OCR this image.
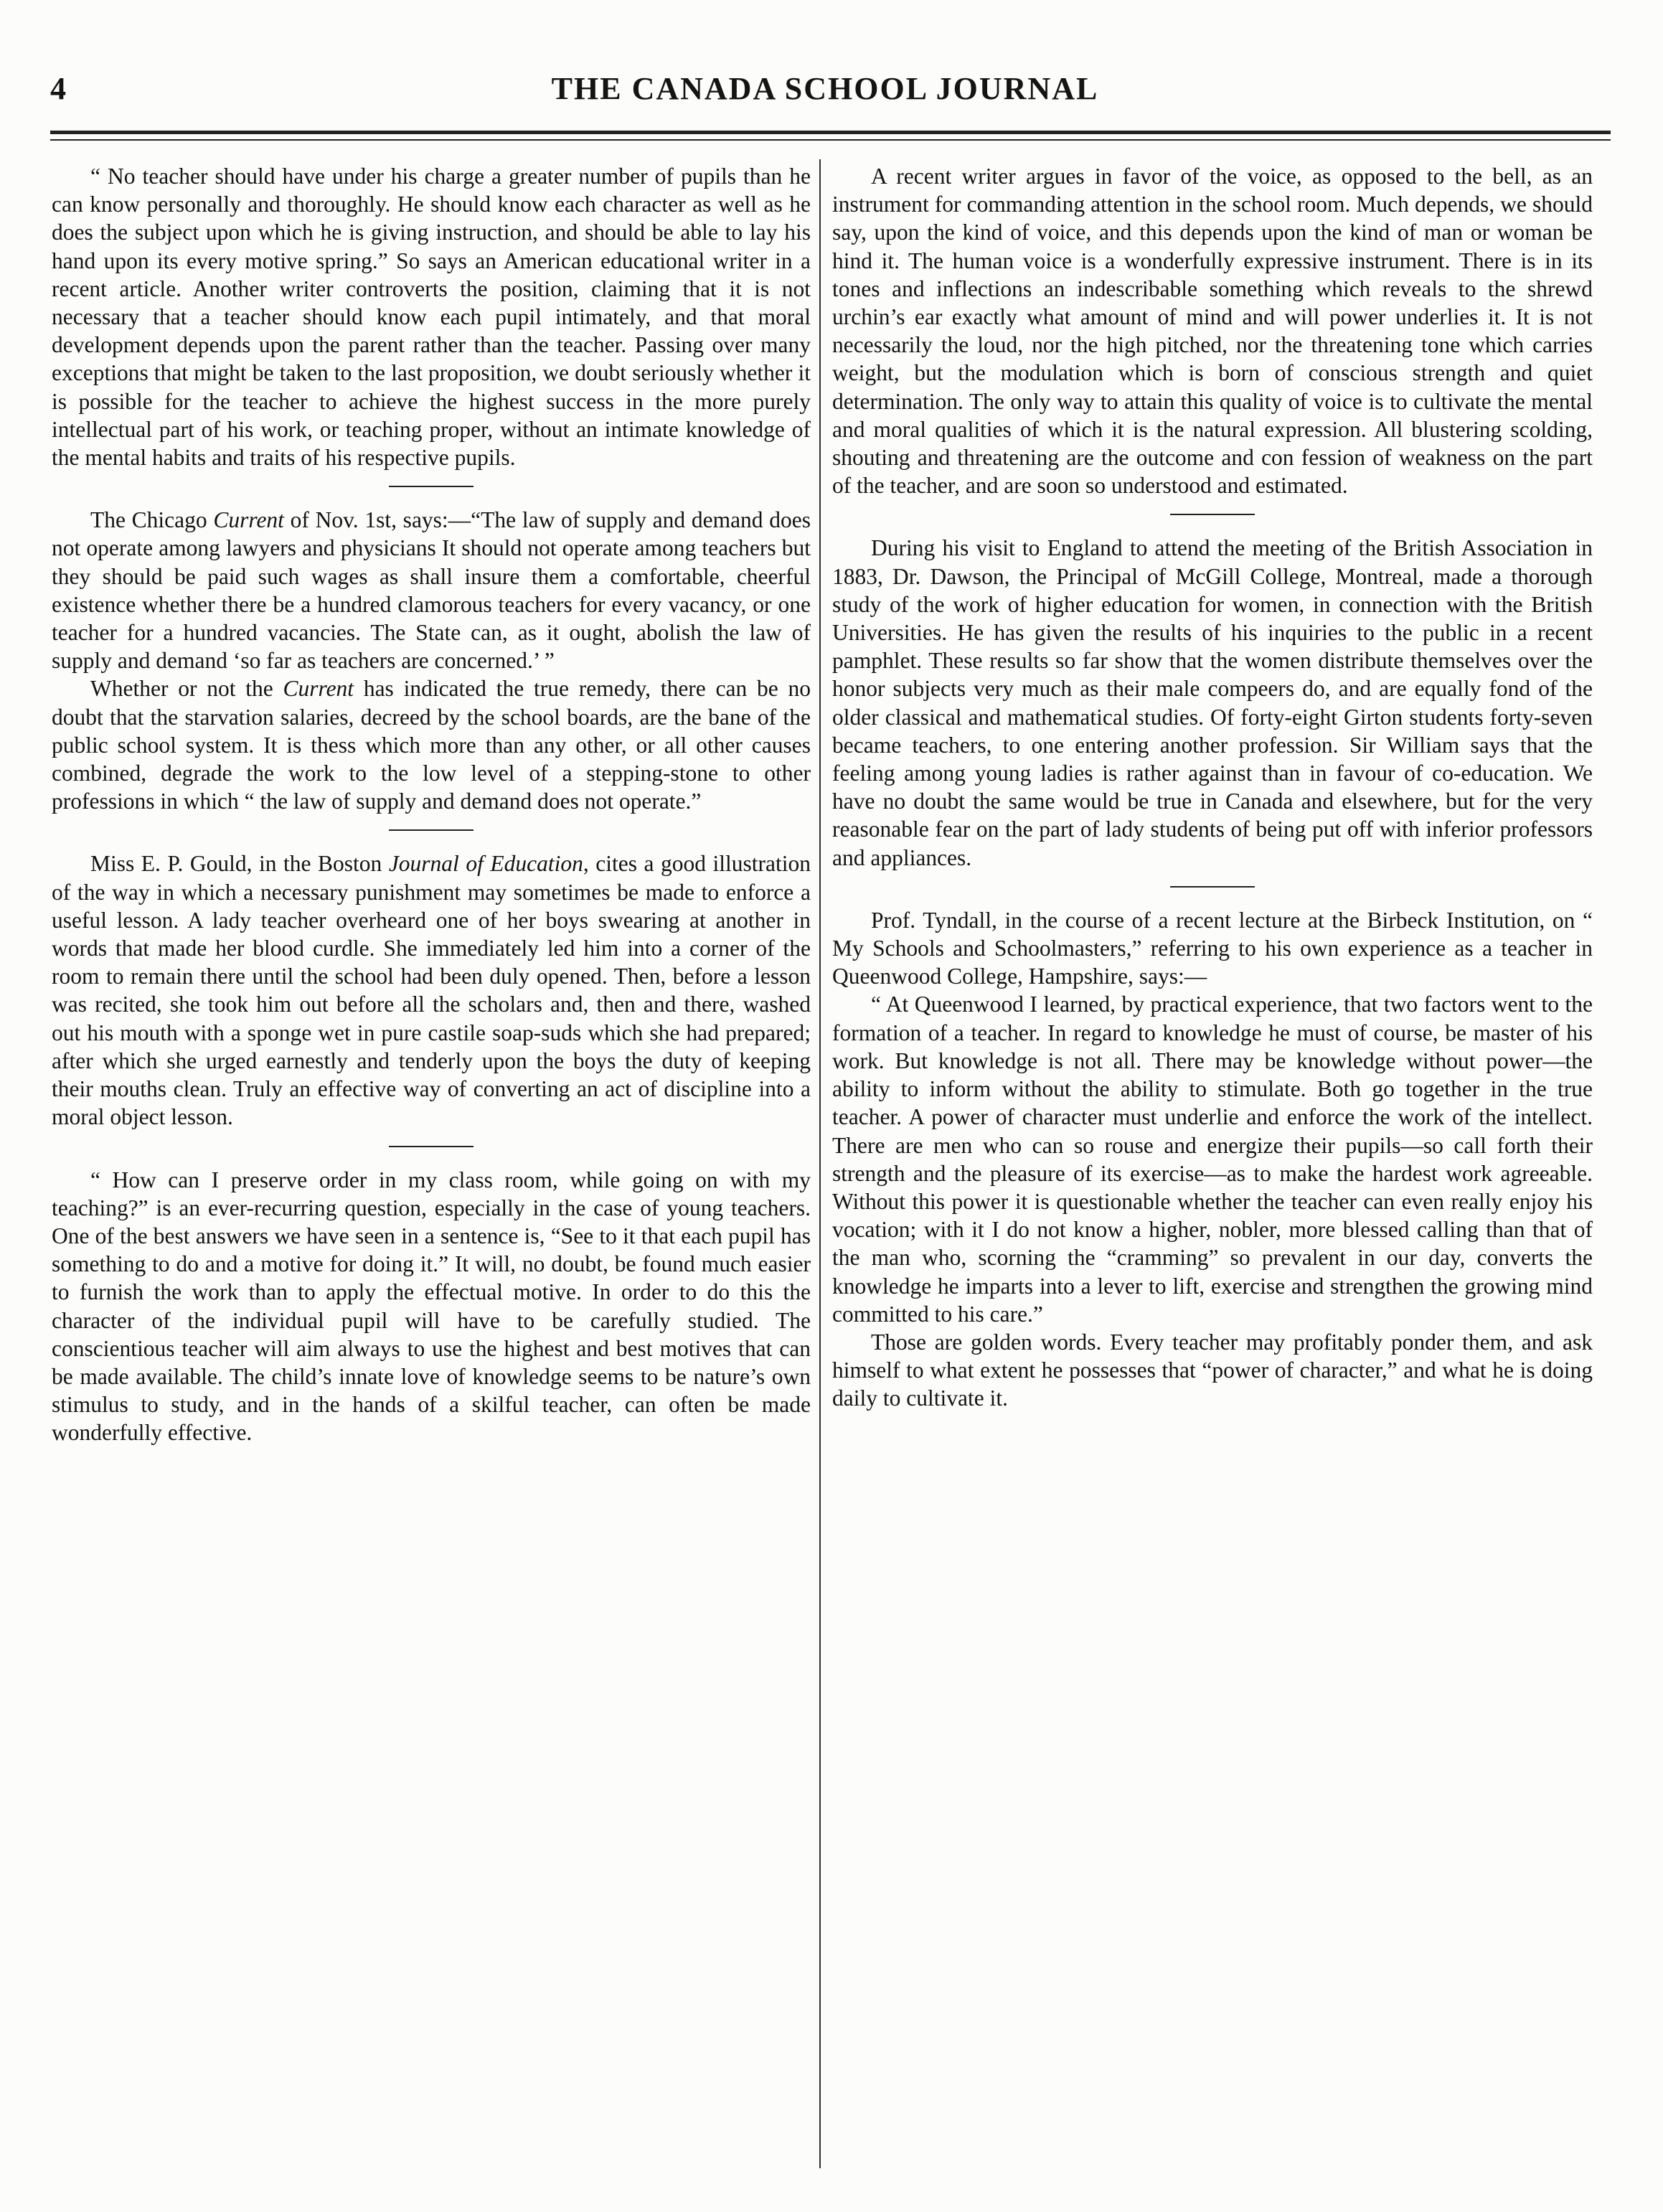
4	THE CANADA SCHOOL JOURNAL

“ No teacher should have under his charge a greater number of pupils than he can know personally and thoroughly. He should know each character as well as he does the subject upon which he is giving instruction, and should be able to lay his hand upon its every motive spring.” So says an American educational writer in a recent article. Another writer controverts the position, claiming that it is not necessary that a teacher should know each pupil intimately, and that moral development depends upon the parent rather than the teacher. Passing over many exceptions that might be taken to the last proposition, we doubt seriously whether it is possible for the teacher to achieve the highest success in the more purely intellectual part of his work, or teaching proper, without an intimate knowledge of the mental habits and traits of his respective pupils.

The Chicago Current of Nov. 1st, says:—“The law of supply and demand does not operate among lawyers and physicians It should not operate among teachers but they should be paid such wages as shall insure them a comfortable, cheerful existence whether there be a hundred clamorous teachers for every vacancy, or one teacher for a hundred vacancies. The State can, as it ought, abolish the law of supply and demand ‘so far as teachers are concerned.’ ”

Whether or not the Current has indicated the true remedy, there can be no doubt that the starvation salaries, decreed by the school boards, are the bane of the public school system. It is thess which more than any other, or all other causes combined, degrade the work to the low level of a stepping-stone to other professions in which “ the law of supply and demand does not operate.”

Miss E. P. Gould, in the Boston Journal of Education, cites a good illustration of the way in which a necessary punishment may sometimes be made to enforce a useful lesson. A lady teacher overheard one of her boys swearing at another in words that made her blood curdle. She immediately led him into a corner of the room to remain there until the school had been duly opened. Then, before a lesson was recited, she took him out before all the scholars and, then and there, washed out his mouth with a sponge wet in pure castile soap-suds which she had prepared; after which she urged earnestly and tenderly upon the boys the duty of keeping their mouths clean. Truly an effective way of converting an act of discipline into a moral object lesson.

“ How can I preserve order in my class room, while going on with my teaching?” is an ever-recurring question, especially in the case of young teachers. One of the best answers we have seen in a sentence is, “See to it that each pupil has something to do and a motive for doing it.” It will, no doubt, be found much easier to furnish the work than to apply the effectual motive. In order to do this the character of the individual pupil will have to be carefully studied. The conscientious teacher will aim always to use the highest and best motives that can be made available. The child’s innate love of knowledge seems to be nature’s own stimulus to study, and in the hands of a skilful teacher, can often be made wonderfully effective.

A recent writer argues in favor of the voice, as opposed to the bell, as an instrument for commanding attention in the school room. Much depends, we should say, upon the kind of voice, and this depends upon the kind of man or woman be hind it. The human voice is a wonderfully expressive instrument. There is in its tones and inflections an indescribable something which reveals to the shrewd urchin’s ear exactly what amount of mind and will power underlies it. It is not necessarily the loud, nor the high pitched, nor the threatening tone which carries weight, but the modulation which is born of conscious strength and quiet determination. The only way to attain this quality of voice is to cultivate the mental and moral qualities of which it is the natural expression. All blustering scolding, shouting and threatening are the outcome and con fession of weakness on the part of the teacher, and are soon so understood and estimated.

During his visit to England to attend the meeting of the British Association in 1883, Dr. Dawson, the Principal of McGill College, Montreal, made a thorough study of the work of higher education for women, in connection with the British Universities. He has given the results of his inquiries to the public in a recent pamphlet. These results so far show that the women distribute themselves over the honor subjects very much as their male compeers do, and are equally fond of the older classical and mathematical studies. Of forty-eight Girton students forty-seven became teachers, to one entering another profession. Sir William says that the feeling among young ladies is rather against than in favour of co-education. We have no doubt the same would be true in Canada and elsewhere, but for the very reasonable fear on the part of lady students of being put off with inferior professors and appliances.

Prof. Tyndall, in the course of a recent lecture at the Birbeck Institution, on “ My Schools and Schoolmasters,” referring to his own experience as a teacher in Queenwood College, Hampshire, says:—

“ At Queenwood I learned, by practical experience, that two factors went to the formation of a teacher. In regard to knowledge he must of course, be master of his work. But knowledge is not all. There may be knowledge without power—the ability to inform without the ability to stimulate. Both go together in the true teacher. A power of character must underlie and enforce the work of the intellect. There are men who can so rouse and energize their pupils—so call forth their strength and the pleasure of its exercise—as to make the hardest work agreeable. Without this power it is questionable whether the teacher can even really enjoy his vocation; with it I do not know a higher, nobler, more blessed calling than that of the man who, scorning the “cramming” so prevalent in our day, converts the knowledge he imparts into a lever to lift, exercise and strengthen the growing mind committed to his care.”

Those are golden words. Every teacher may profitably ponder them, and ask himself to what extent he possesses that “power of character,” and what he is doing daily to cultivate it.
